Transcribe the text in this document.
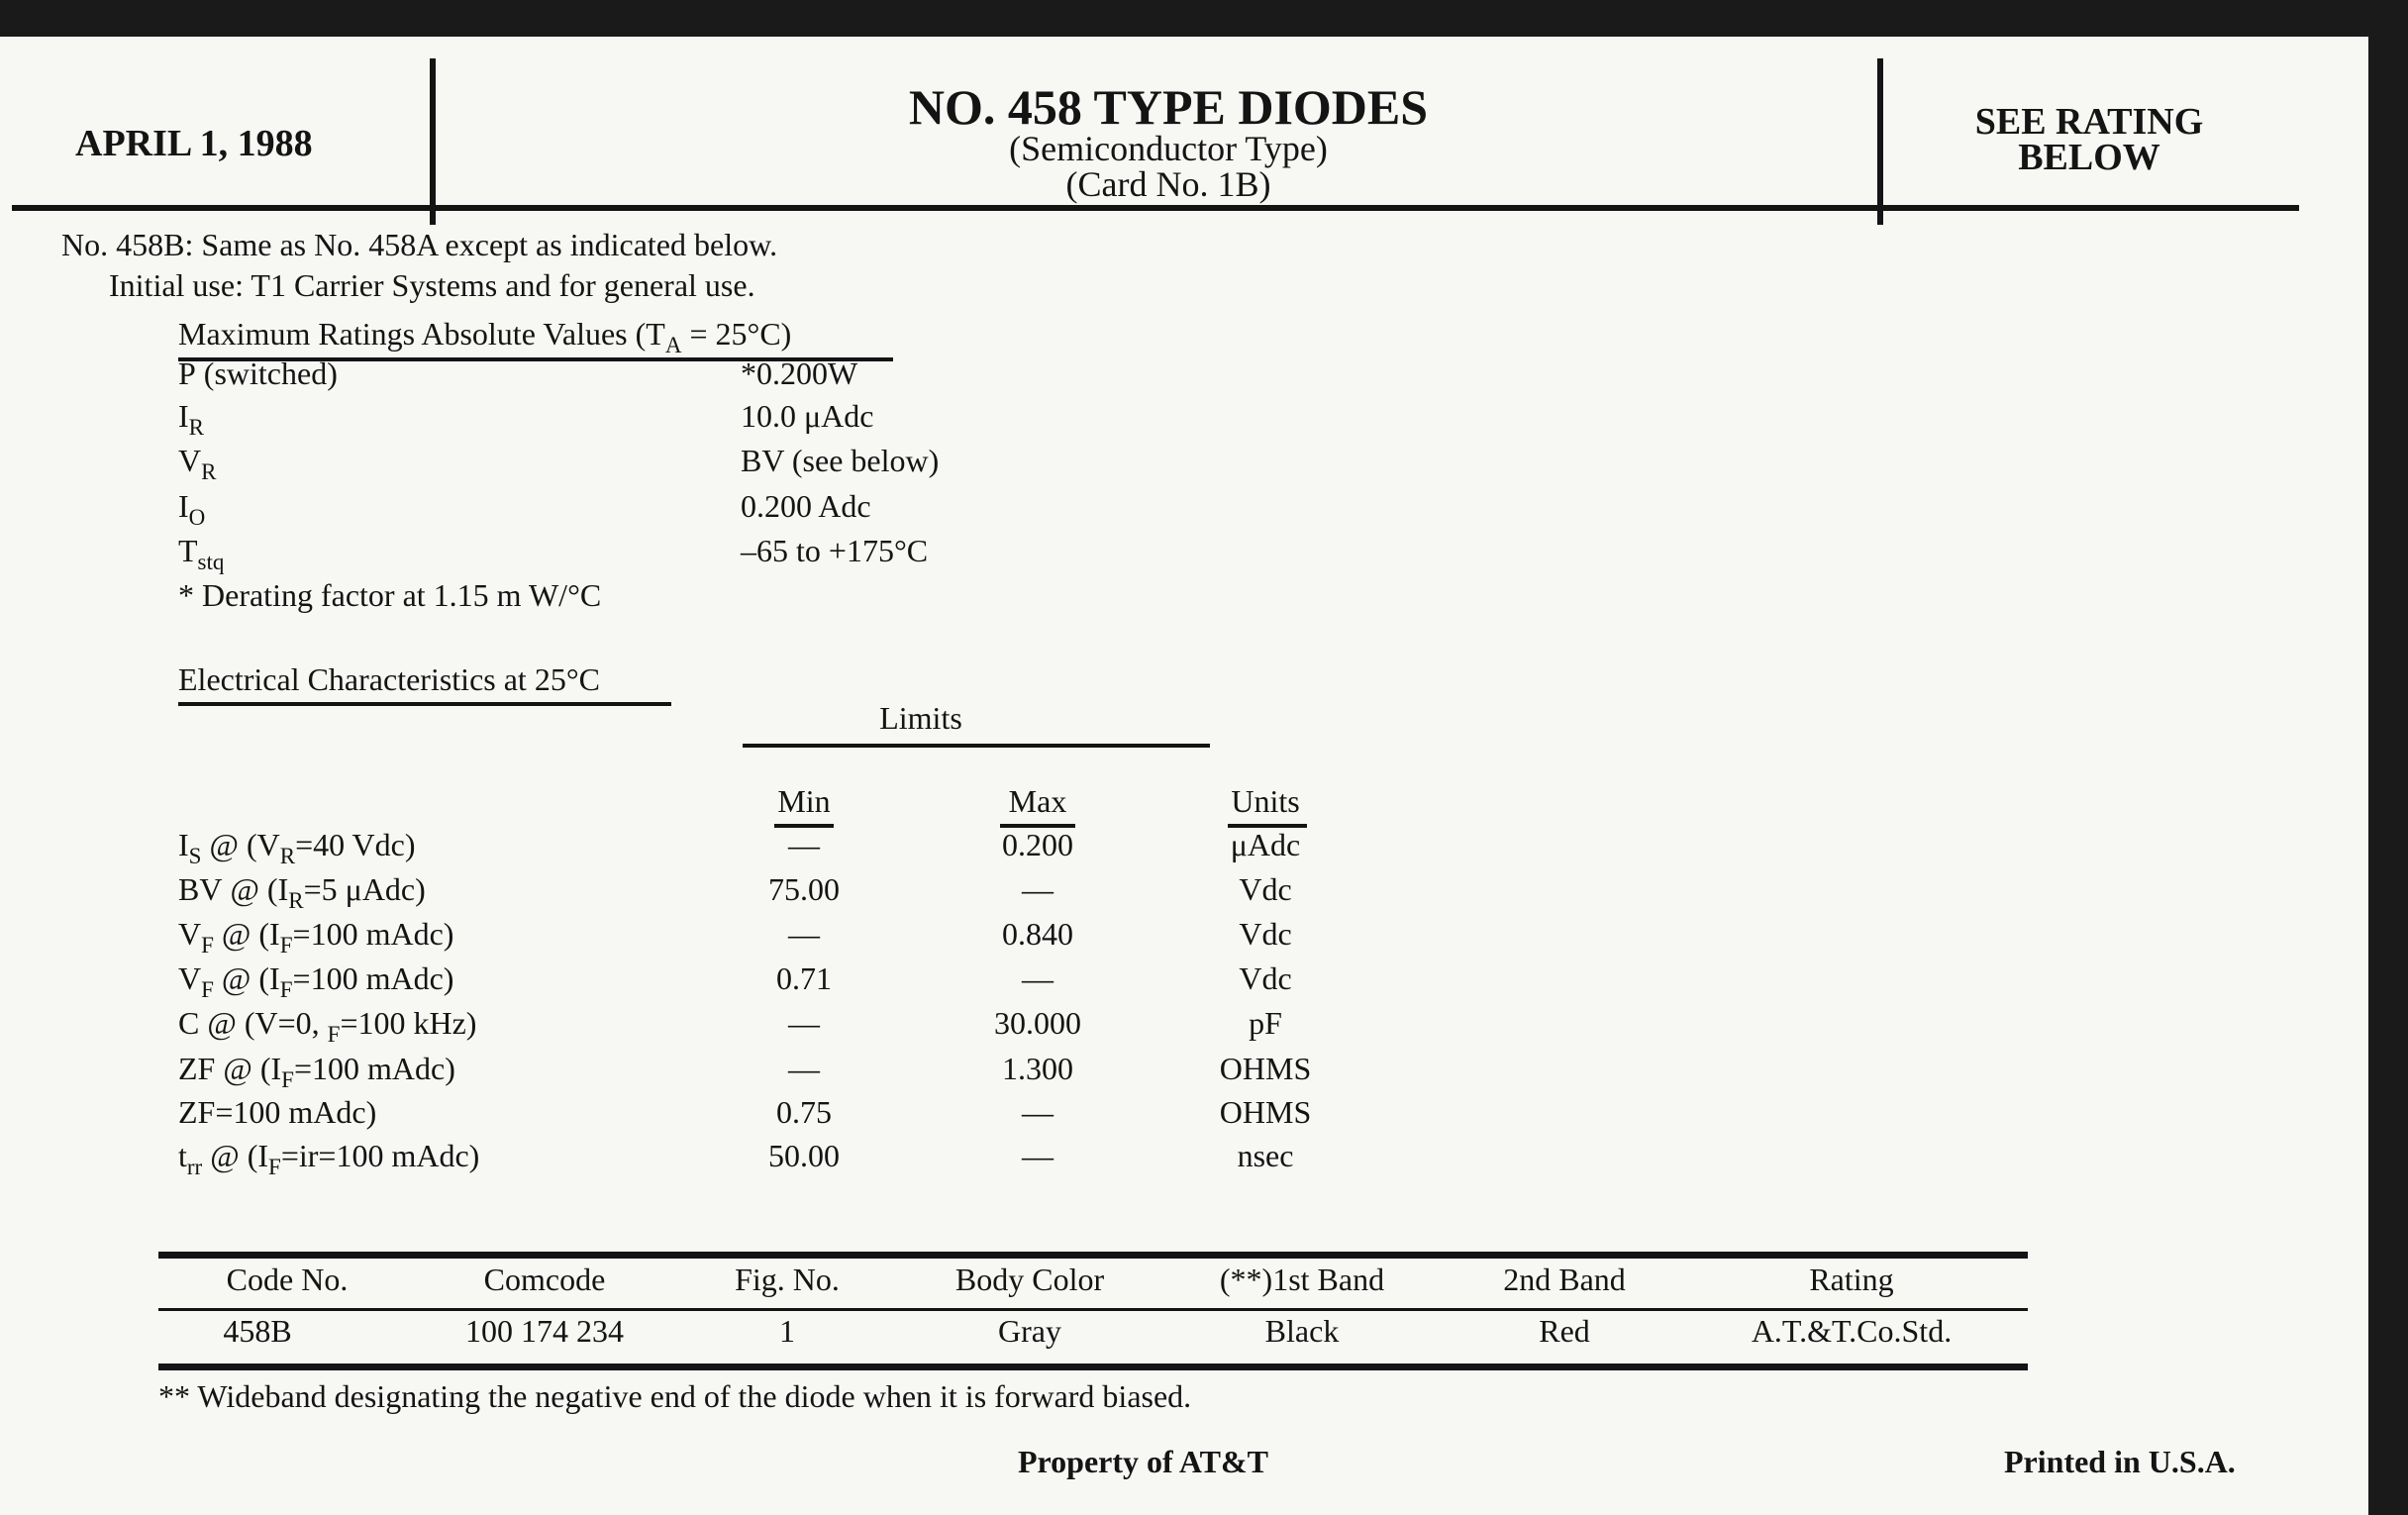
APRIL 1, 1988
NO. 458 TYPE DIODES
(Semiconductor Type)
(Card No. 1B)
SEE RATING
BELOW
No. 458B: Same as No. 458A except as indicated below.
Initial use: T1 Carrier Systems and for general use.
Maximum Ratings Absolute Values $(T_A = 25^\circ C)$
P (switched)	*0.200W
$I_R$	10.0 μAdc
$V_R$	BV (see below)
$I_O$	0.200 Adc
$T_{stq}$	–65 to +175°C
* Derating factor at 1.15 m W/°C
Electrical Characteristics at 25°C
Limits
Min	Max	Units
$I_S$ @ ($V_R=40$ Vdc)	—	0.200	μAdc
BV @ ($I_R=5$ μAdc)	75.00	—	Vdc
$V_F$ @ ($I_F=100$ mAdc)	—	0.840	Vdc
$V_F$ @ ($I_F=100$ mAdc)	0.71	—	Vdc
C @ (V=0, $_F$=100 kHz)	—	30.000	pF
ZF @ ($I_F=100$ mAdc)	—	1.300	OHMS
ZF=100 mAdc)	0.75	—	OHMS
$t_{rr}$ @ ($I_F=ir=100$ mAdc)	50.00	—	nsec
Code No.	Comcode	Fig. No.	Body Color	(**)1st Band	2nd Band	Rating
458B	100 174 234	1	Gray	Black	Red	A.T.&T.Co.Std.
** Wideband designating the negative end of the diode when it is forward biased.
Property of AT&T	Printed in U.S.A.
